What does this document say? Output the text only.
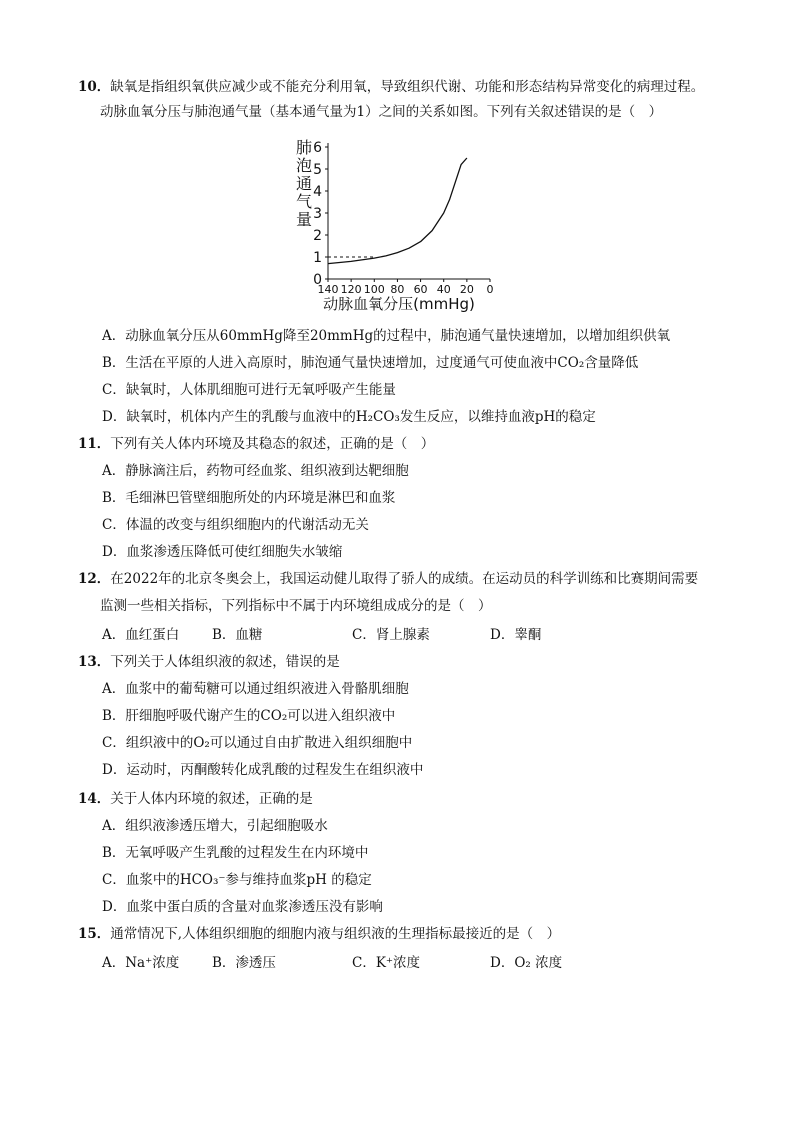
10．缺氧是指组织氧供应减少或不能充分利用氧，导致组织代谢、功能和形态结构异常变化的病理过程。
动脉血氧分压与肺泡通气量（基本通气量为1）之间的关系如图。下列有关叙述错误的是（　）
0
1
2
3
4
5
6
140 120 100 80 60 40 20 0
肺
泡
通
气
量
动脉血氧分压(mmHg)
A．动脉血氧分压从60mmHg降至20mmHg的过程中，肺泡通气量快速增加，以增加组织供氧
B．生活在平原的人进入高原时，肺泡通气量快速增加，过度通气可使血液中CO₂含量降低
C．缺氧时，人体肌细胞可进行无氧呼吸产生能量
D．缺氧时，机体内产生的乳酸与血液中的H₂CO₃发生反应，以维持血液pH的稳定
11．下列有关人体内环境及其稳态的叙述，正确的是（　）
A．静脉滴注后，药物可经血浆、组织液到达靶细胞
B．毛细淋巴管壁细胞所处的内环境是淋巴和血浆
C．体温的改变与组织细胞内的代谢活动无关
D．血浆渗透压降低可使红细胞失水皱缩
12．在2022年的北京冬奥会上，我国运动健儿取得了骄人的成绩。在运动员的科学训练和比赛期间需要
监测一些相关指标，下列指标中不属于内环境组成成分的是（　）
A．血红蛋白 B．血糖	C．肾上腺素	D．睾酮
13．下列关于人体组织液的叙述，错误的是
A．血浆中的葡萄糖可以通过组织液进入骨骼肌细胞
B．肝细胞呼吸代谢产生的CO₂可以进入组织液中
C．组织液中的O₂可以通过自由扩散进入组织细胞中
D．运动时，丙酮酸转化成乳酸的过程发生在组织液中
14．关于人体内环境的叙述，正确的是
A．组织液渗透压增大，引起细胞吸水
B．无氧呼吸产生乳酸的过程发生在内环境中
C．血浆中的HCO₃⁻参与维持血浆pH 的稳定
D．血浆中蛋白质的含量对血浆渗透压没有影响
15．通常情况下,人体组织细胞的细胞内液与组织液的生理指标最接近的是（　）
A．Na⁺浓度 B．渗透压	C．K⁺浓度	D．O₂ 浓度
